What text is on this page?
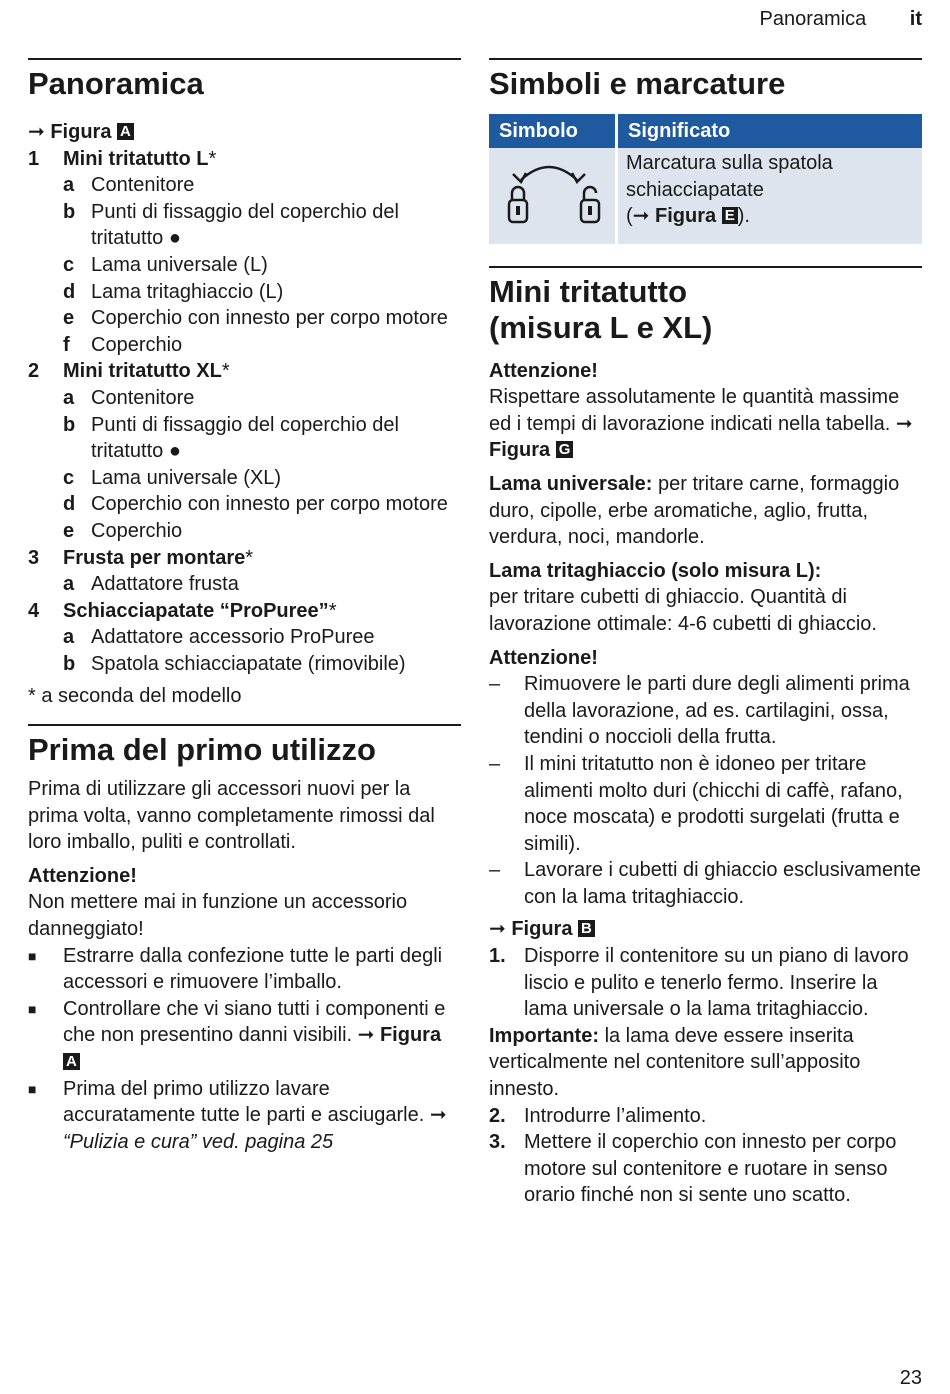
Panoramica it
Panoramica
➞ Figura A
1	Mini tritatutto L *
a Contenitore
b Punti di fissaggio del coperchio del tritatutto ●
c Lama universale (L)
d Lama tritaghiaccio (L)
e Coperchio con innesto per corpo motore
f	Coperchio
2	Mini tritatutto XL *
a Contenitore
b Punti di fissaggio del coperchio del tritatutto ●
c Lama universale (XL)
d Coperchio con innesto per corpo motore
e Coperchio
3	Frusta per montare *
a Adattatore frusta
4	Schiacciapatate “ProPuree” *
a Adattatore accessorio ProPuree
b Spatola schiacciapatate (rimovibile)
* a seconda del modello
Prima del primo utilizzo
Prima di utilizzare gli accessori nuovi per la prima volta, vanno completamente rimossi dal loro imballo, puliti e controllati.
Attenzione!
Non mettere mai in funzione un accessorio danneggiato!
■	Estrarre dalla confezione tutte le parti degli accessori e rimuovere l’imballo.
■	Controllare che vi siano tutti i componenti e che non presentino danni visibili. ➞ Figura A
■	Prima del primo utilizzo lavare accuratamente tutte le parti e asciugarle. ➞ “Pulizia e cura” ved. pagina 25
Simboli e marcature
Simbolo	Significato
	Marcatura sulla spatola schiacciapatate
(➞ Figura E ).
Mini tritatutto
(misura L e XL)
Attenzione!
Rispettare assolutamente le quantità massime ed i tempi di lavorazione indicati nella tabella. ➞ Figura G
Lama universale: per tritare carne, formaggio duro, cipolle, erbe aromatiche, aglio, frutta, verdura, noci, mandorle.
Lama tritaghiaccio (solo misura L):
per tritare cubetti di ghiaccio. Quantità di lavorazione ottimale: 4-6 cubetti di ghiaccio.
Attenzione!
–	Rimuovere le parti dure degli alimenti prima della lavorazione, ad es. cartilagini, ossa, tendini o noccioli della frutta.
–	Il mini tritatutto non è idoneo per tritare alimenti molto duri (chicchi di caffè, rafano, noce moscata) e prodotti surgelati (frutta e simili).
–	Lavorare i cubetti di ghiaccio esclusivamente con la lama tritaghiaccio.
➞ Figura B
1. Disporre il contenitore su un piano di lavoro liscio e pulito e tenerlo fermo. Inserire la lama universale o la lama tritaghiaccio.
Importante: la lama deve essere inserita verticalmente nel contenitore sull’apposito innesto.
2. Introdurre l’alimento.
3. Mettere il coperchio con innesto per corpo motore sul contenitore e ruotare in senso orario finché non si sente uno scatto.
23
